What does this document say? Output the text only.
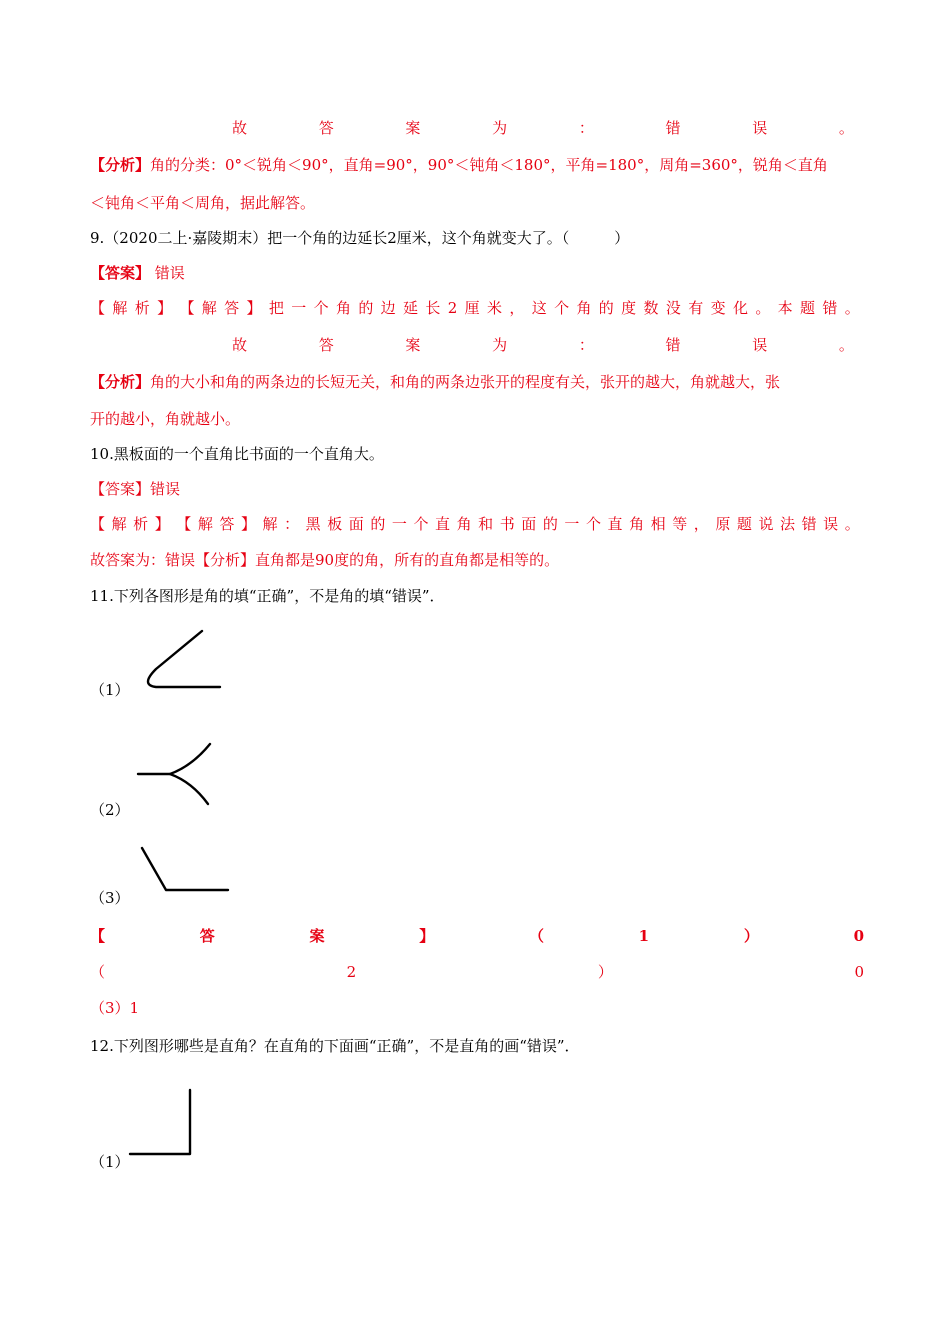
故	答	案	为	：	错	误	。
【分析】角的分类：0°＜锐角＜90°，直角=90°，90°＜钝角＜180°，平角=180°，周角=360°，锐角＜直角
＜钝角＜平角＜周角，据此解答。
9.（2020二上·嘉陵期末）把一个角的边延长2厘米，这个角就变大了。（　　　）
【答案】 错误
【 解 析 】 【 解 答 】 把 一 个 角 的 边 延 长 2 厘 米 ， 这 个 角 的 度 数 没 有 变 化 。 本 题 错 。
故	答	案	为	：	错	误	。
【分析】角的大小和角的两条边的长短无关，和角的两条边张开的程度有关，张开的越大，角就越大，张
开的越小，角就越小。
10.黑板面的一个直角比书面的一个直角大。
【答案】错误
【 解 析 】 【 解 答 】 解 ： 黑 板 面 的 一 个 直 角 和 书 面 的 一 个 直 角 相 等 ， 原 题 说 法 错 误 。
故答案为：错误【分析】直角都是90度的角，所有的直角都是相等的。
11.下列各图形是角的填“正确”，不是角的填“错误”．
（1）
（2）
（3）
【	答	案	】	（	1	）	0
（	2	）	0
（3）1
12.下列图形哪些是直角？在直角的下面画“正确”，不是直角的画“错误”．
（1）
